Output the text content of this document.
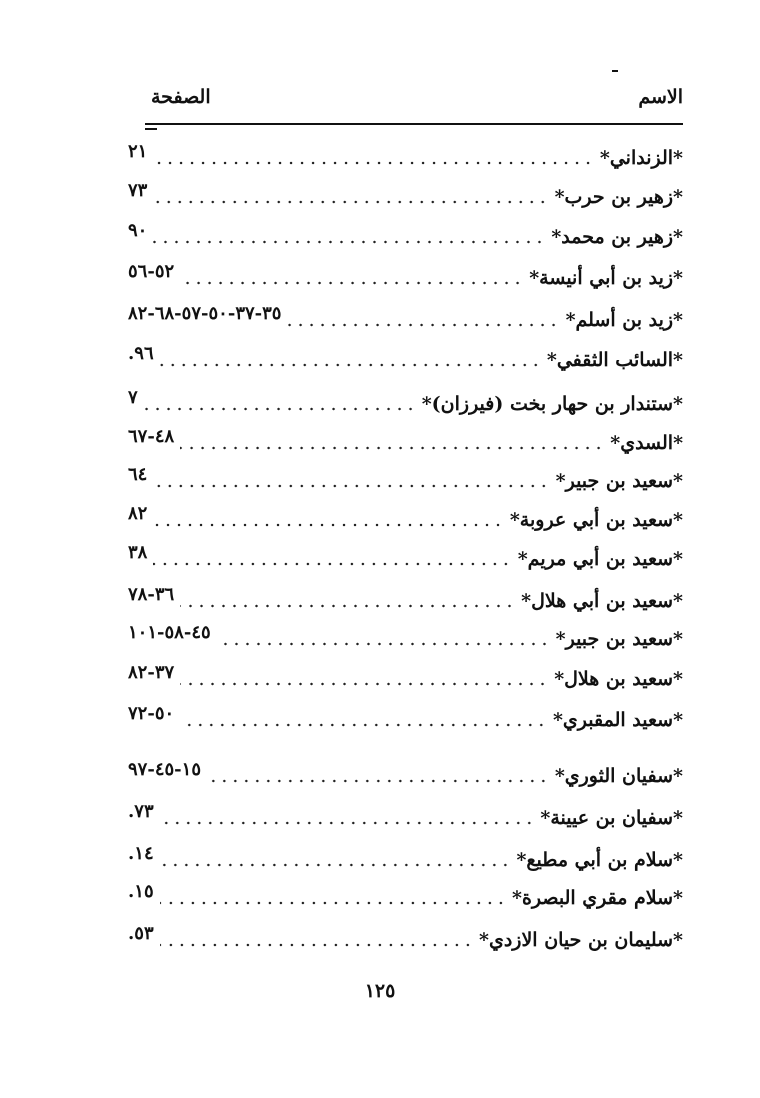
الاسم
الصفحة
*الزنداني*
٢١
*زهير بن حرب*
٧٣
*زهير بن محمد*
٩٠
*زيد بن أبي أنيسة*
٥٢-٥٦
*زيد بن أسلم*
٣٥-٣٧-٥٠-٥٧-٦٨-٨٢
*السائب الثقفي*
٩٦.
*ستندار بن حهار بخت (فيرزان)*
٧
*السدي*
٤٨-٦٧
*سعيد بن جبير*
٦٤
*سعيد بن أبي عروبة*
٨٢
*سعيد بن أبي مريم*
٣٨
*سعيد بن أبي هلال*
٣٦-٧٨
*سعيد بن جبير*
٤٥-٥٨-١٠١
*سعيد بن هلال*
٣٧-٨٢
*سعيد المقبري*
٥٠-٧٢
*سفيان الثوري*
١٥-٤٥-٩٧
*سفيان بن عيينة*
٧٣.
*سلام بن أبي مطيع*
١٤.
*سلام مقري البصرة*
١٥.
*سليمان بن حيان الازدي*
٥٣.
١٢٥
